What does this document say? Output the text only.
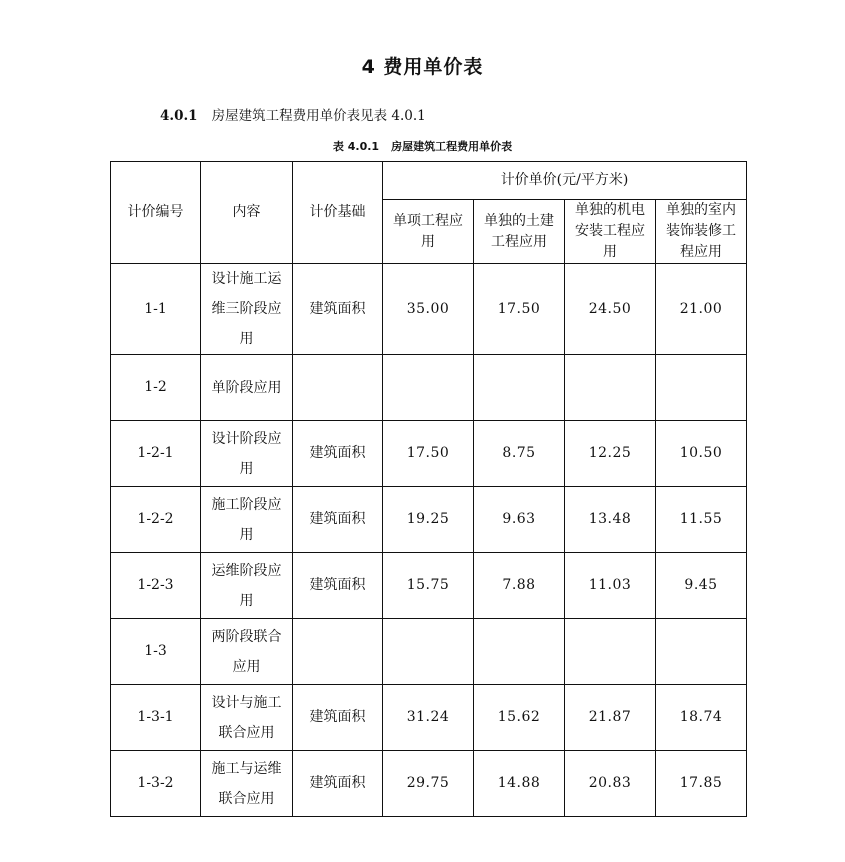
4 费用单价表
4.0.1 房屋建筑工程费用单价表见表 4.0.1
表 4.0.1 房屋建筑工程费用单价表
计价编号	内容	计价基础	计价单价(元/平方米)			
			单项工程应用	单独的土建工程应用	单独的机电安装工程应用	单独的室内装饰装修工程应用
1-1	设计施工运维三阶段应用	建筑面积	35.00	17.50	24.50	21.00
1-2	单阶段应用					
1-2-1	设计阶段应用	建筑面积	17.50	8.75	12.25	10.50
1-2-2	施工阶段应用	建筑面积	19.25	9.63	13.48	11.55
1-2-3	运维阶段应用	建筑面积	15.75	7.88	11.03	9.45
1-3	两阶段联合应用					
1-3-1	设计与施工联合应用	建筑面积	31.24	15.62	21.87	18.74
1-3-2	施工与运维联合应用	建筑面积	29.75	14.88	20.83	17.85
